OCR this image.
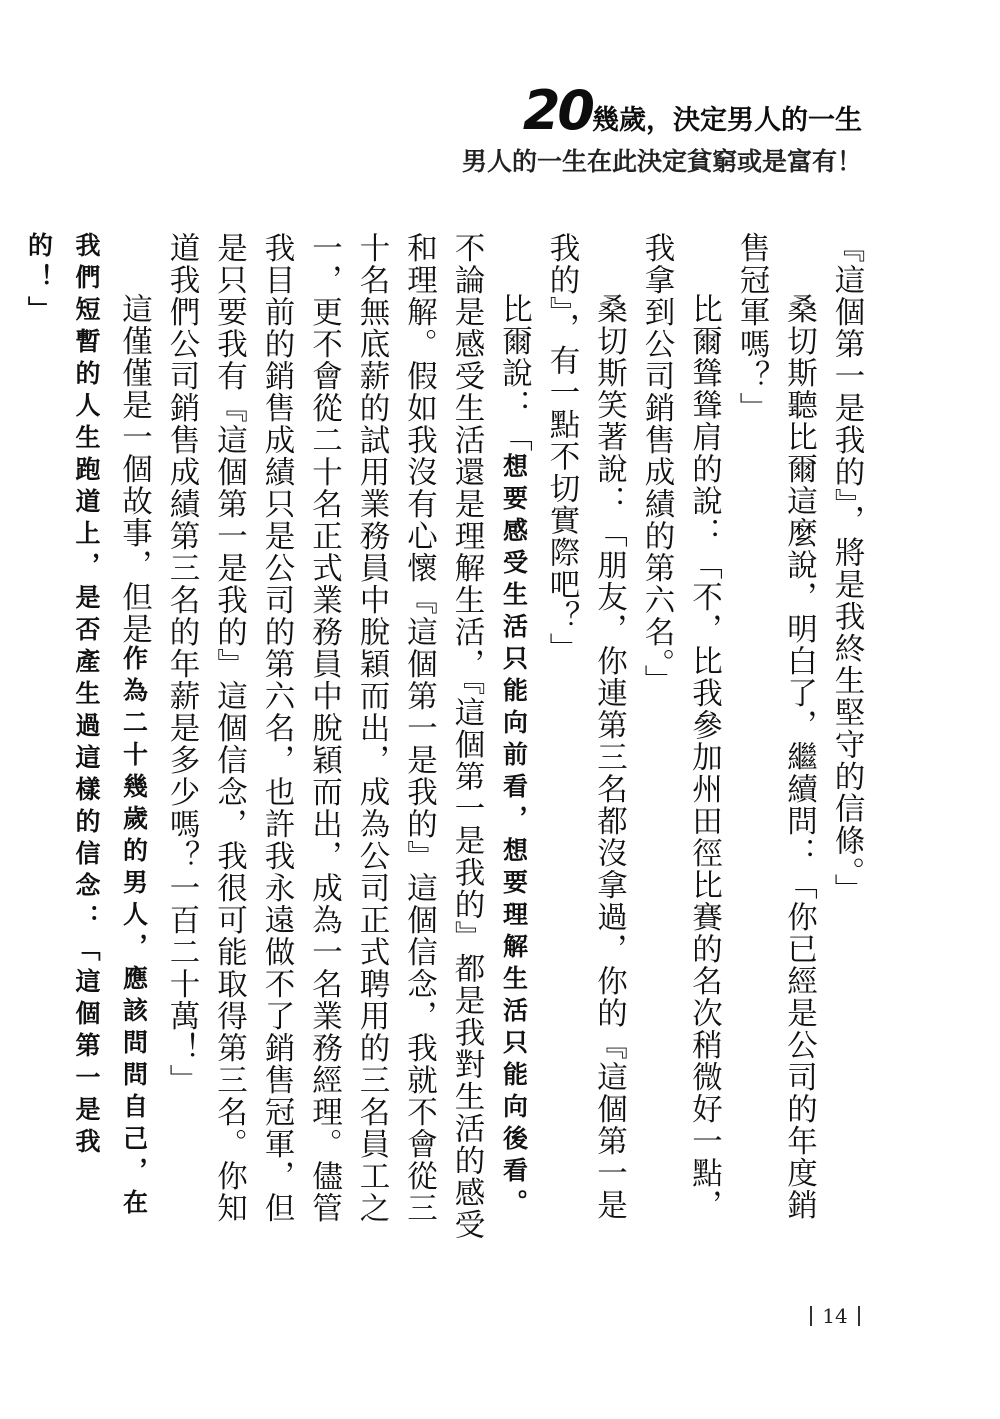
20幾歲，決定男人的一生
男人的一生在此決定貧窮或是富有！

『這個第一是我的』，將是我終生堅守的信條。」

桑切斯聽比爾這麼說，明白了，繼續問：「你已經是公司的年度銷售冠軍嗎？」

比爾聳聳肩的說：「不，比我參加州田徑比賽的名次稍微好一點，我拿到公司銷售成績的第六名。」

桑切斯笑著說：「朋友，你連第三名都沒拿過，你的『這個第一是我的』，有一點不切實際吧？」

比爾說：「想要感受生活只能向前看，想要理解生活只能向後看。不論是感受生活還是理解生活，『這個第一是我的』都是我對生活的感受和理解。假如我沒有心懷『這個第一是我的』這個信念，我就不會從三十名無底薪的試用業務員中脫穎而出，成為公司正式聘用的三名員工之一，更不會從二十名正式業務員中脫穎而出，成為一名業務經理。儘管我目前的銷售成績只是公司的第六名，也許我永遠做不了銷售冠軍，但是只要我有『這個第一是我的』這個信念，我很可能取得第三名。你知道我們公司銷售成績第三名的年薪是多少嗎？一百二十萬！」

這僅僅是一個故事，但是作為二十幾歲的男人，應該問問自己，在我們短暫的人生跑道上，是否產生過這樣的信念：「這個第一是我的！」

14
